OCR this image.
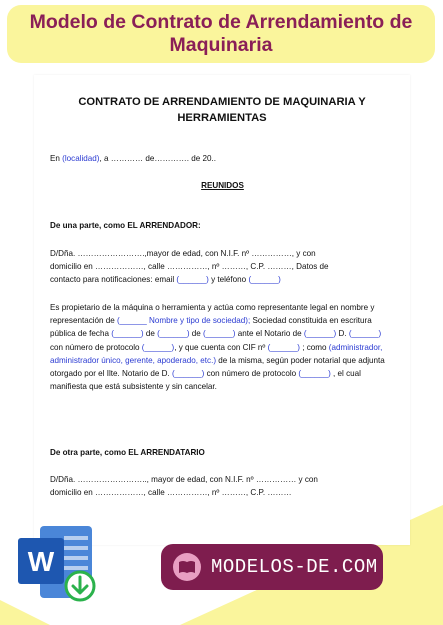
Modelo de Contrato de Arrendamiento de Maquinaria
CONTRATO DE ARRENDAMIENTO DE MAQUINARIA Y HERRAMIENTAS
En (localidad), a ………… de…………. de 20..
REUNIDOS
De una parte, como EL ARRENDADOR:
D/Dña. …………………….,mayor de edad, con N.I.F. nº ……………, y con
domicilio en ………………, calle ……………, nº ………, C.P. ………, Datos de
contacto para notificaciones: email (______) y teléfono (______)
Es propietario de la máquina o herramienta y actúa como representante legal en nombre y representación de (______ Nombre y tipo de sociedad); Sociedad constituida en escritura pública de fecha (______) de (______) de (______) ante el Notario de (______) D. (______) con número de protocolo (______), y que cuenta con CIF nº (______) ; como (administrador, administrador único, gerente, apoderado, etc.) de la misma, según poder notarial que adjunta otorgado por el Ilte. Notario de D. (______) con número de protocolo (______) , el cual manifiesta que está subsistente y sin cancelar.
De otra parte, como EL ARRENDATARIO
D/Dña. …………………….., mayor de edad, con N.I.F. nº …………… y con
domicilio en ………………, calle ……………, nº ………, C.P. ………
W	MODELOS-DE.COM
